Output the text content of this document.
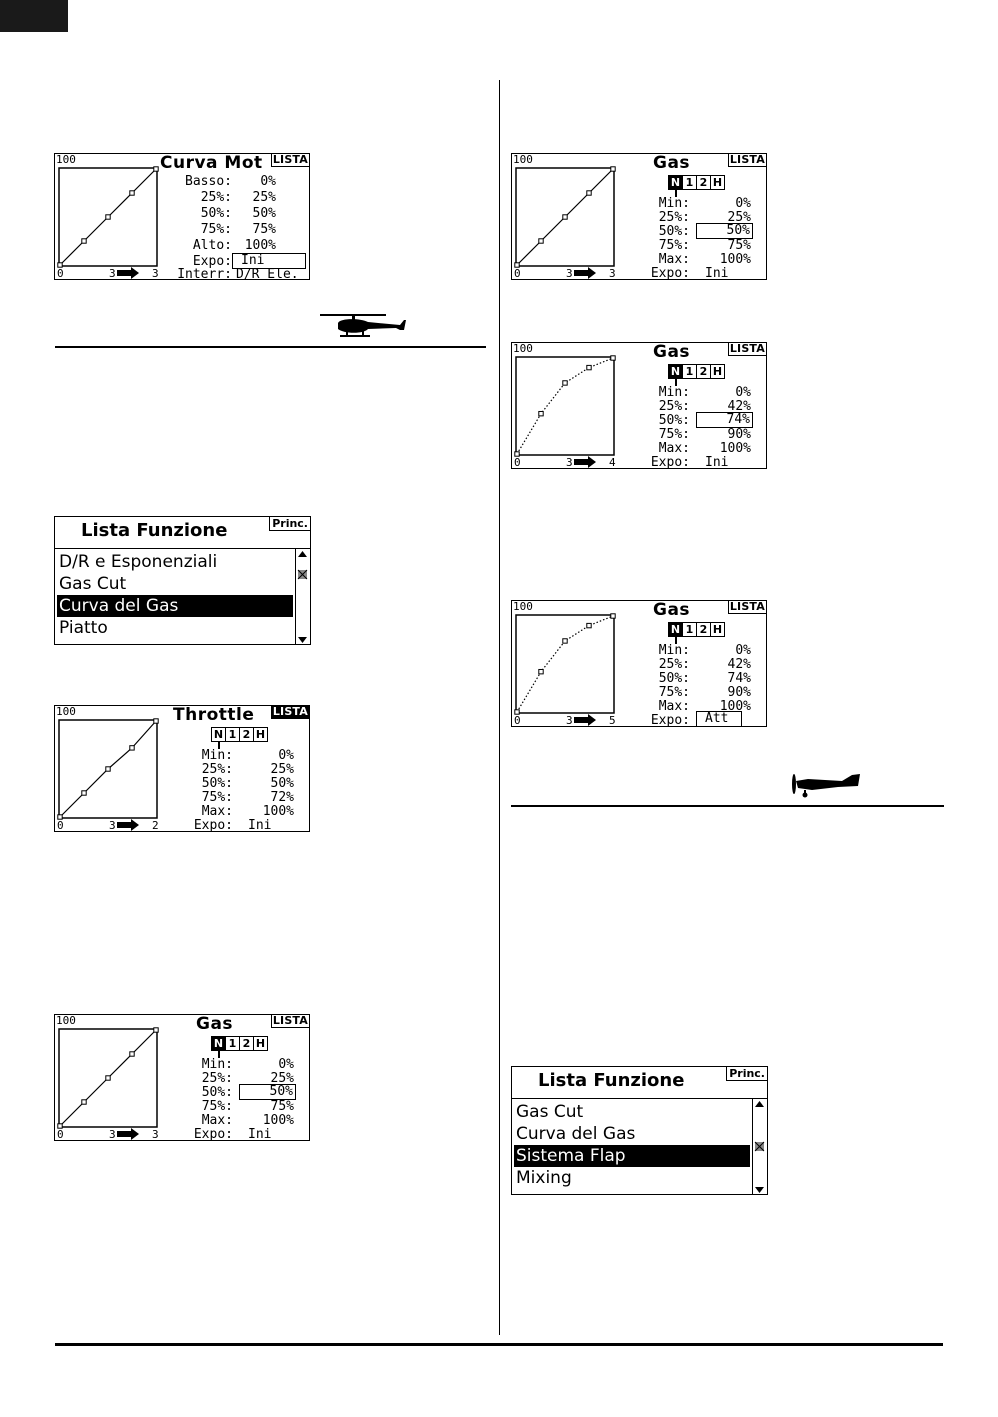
100
0	3	3
Curva Mot LISTA
Basso:	0%
25%:	25%
50%:	50%
75%:	75%
Alto: 100%
Expo: Ini
Interr: D/R Ele.
Lista Funzione	Princ.
D/R e Esponenziali
Gas Cut
Curva del Gas
Piatto
100
0	3	2
Throttle LISTA
N 1 2 H
Min:	0%
25%:	25%
50%:	50%
75%:	72%
Max:	100%
Expo: Ini
100
0	3	3
Gas	LISTA
N 1 2 H
Min:	0%
25%:	25%
50%:	50%
75%:	75%
Max:	100%
Expo: Ini
100
0	3	3
Gas	LISTA
N 1 2 H
Min:	0%
25%:	25%
50%:	50%
75%:	75%
Max:	100%
Expo: Ini
100
0	3	4
Gas	LISTA
N 1 2 H
Min:	0%
25%:	42%
50%:	74%
75%:	90%
Max:	100%
Expo: Ini
100
0	3	5
Gas	LISTA
N 1 2 H
Min:	0%
25%:	42%
50%:	74%
75%:	90%
Max:	100%
Expo:	Att
Lista Funzione	Princ.
Gas Cut
Curva del Gas
Sistema Flap
Mixing
